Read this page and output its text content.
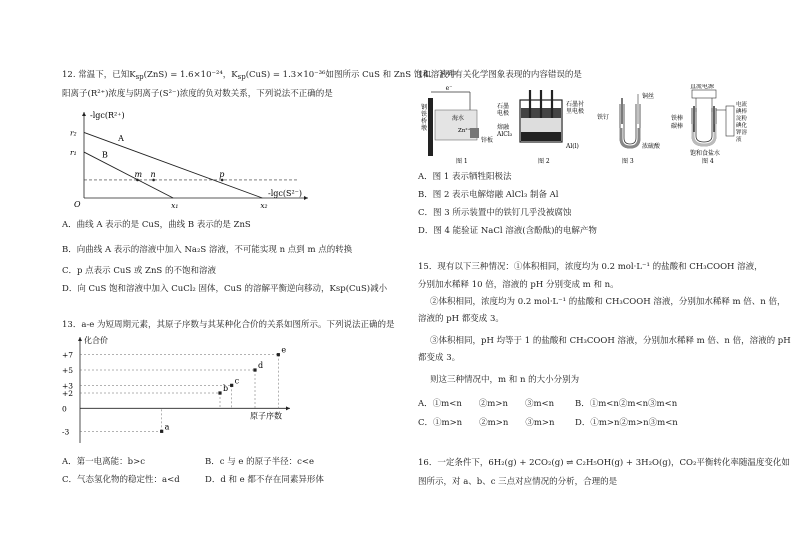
12. 常温下，已知$K_{sp}(ZnS) = 1.6\times 10^{-24}$，$K_{sp}(CuS) = 1.3\times 10^{-36}$如图所示 CuS 和 ZnS 饱和溶液中
阳离子(R²⁺)浓度与阴离子(S²⁻)浓度的负对数关系，下列说法不正确的是
-lgc(R²⁺)
-lgc(S²⁻)
O
r₂
r₁
x₁	x₂
A
B
m n	p
A．曲线 A 表示的是 CuS，曲线 B 表示的是 ZnS
B．向曲线 A 表示的溶液中加入 Na₂S 溶液，不可能实现 n 点到 m 点的转换
C．p 点表示 CuS 或 ZnS 的不饱和溶液
D．向 CuS 饱和溶液中加入 CuCl₂ 固体，CuS 的溶解平衡逆向移动，Ksp(CuS)减小
13．a-e 为短周期元素，其原子序数与其某种化合价的关系如图所示。下列说法正确的是
化合价
原子序数
+7
+5
+3
+2
0
-3
a
b
c
d
e
A．第一电离能：b>c	B．c 与 e 的原子半径：c<e
C．气态氢化物的稳定性：a<d	D．d 和 e 都不存在同素异形体
14．下列有关化学图象表现的内容错误的是
e⁻
钢
铁
桥
墩
海水
Zn²⁺
锌板
图 1
石墨
电极
熔融
AlCl₃
石墨衬
里电极
Al(l)
图 2
铜丝
铁钉
浓硫酸
图 3
直流电源
铁棒
碳棒
电流
碘棒
淀粉
碘化
钾溶
液
饱和食盐水
图 4
A．图 1 表示牺牲阳极法
B．图 2 表示电解熔融 AlCl₃ 制备 Al
C．图 3 所示装置中的铁钉几乎没被腐蚀
D．图 4 能验证 NaCl 溶液(含酚酞)的电解产物
15．现有以下三种情况：①体积相同，浓度均为 0.2 mol·L⁻¹ 的盐酸和 CH₃COOH 溶液，
分别加水稀释 10 倍，溶液的 pH 分别变成 m 和 n。
②体积相同，浓度均为 0.2 mol·L⁻¹ 的盐酸和 CH₃COOH 溶液，分别加水稀释 m 倍、n 倍，
溶液的 pH 都变成 3。
③体积相同，pH 均等于 1 的盐酸和 CH₃COOH 溶液，分别加水稀释 m 倍、n 倍，溶液的 pH
都变成 3。
则这三种情况中，m 和 n 的大小分别为
A．①m<n　　②m>n　　③m<n B．①m<n②m<n③m<n
C．①m>n　　②m>n　　③m>n D．①m>n②m>n③m<n
16．一定条件下，6H₂(g) + 2CO₂(g) ⇌ C₂H₅OH(g) + 3H₂O(g)，CO₂平衡转化率随温度变化如
图所示，对 a、b、c 三点对应情况的分析，合理的是
